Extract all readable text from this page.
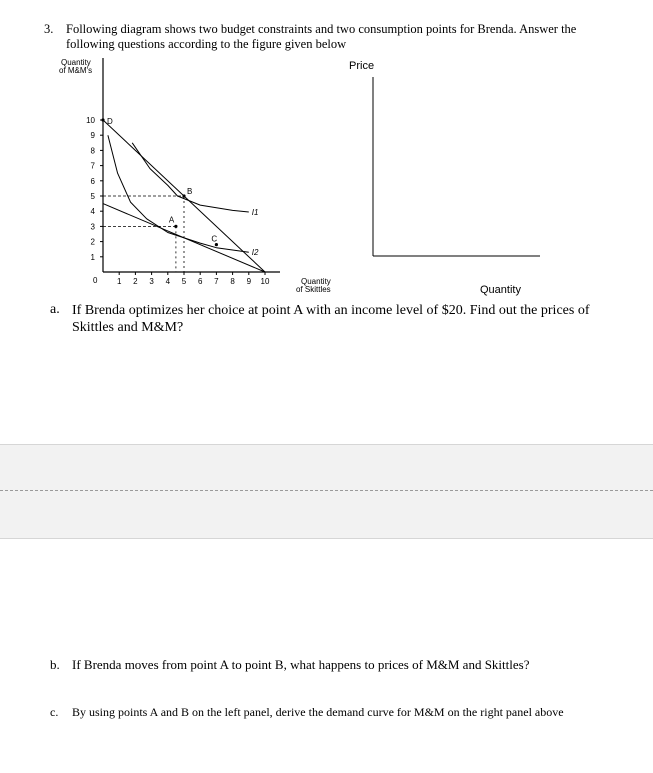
3. Following diagram shows two budget constraints and two consumption points for Brenda. Answer the following questions according to the figure given below
Quantity
of M&M's
0
10
9
8
7
6
5
4
3
2
1
1 2 3 4 5 6 7 8 9 10
I1
I2
D
B
A
C
Quantity
of Skittles
Price
Quantity
a. If Brenda optimizes her choice at point A with an income level of $20. Find out the prices of Skittles and M&M?
b. If Brenda moves from point A to point B, what happens to prices of M&M and Skittles?
c. By using points A and B on the left panel, derive the demand curve for M&M on the right panel above
